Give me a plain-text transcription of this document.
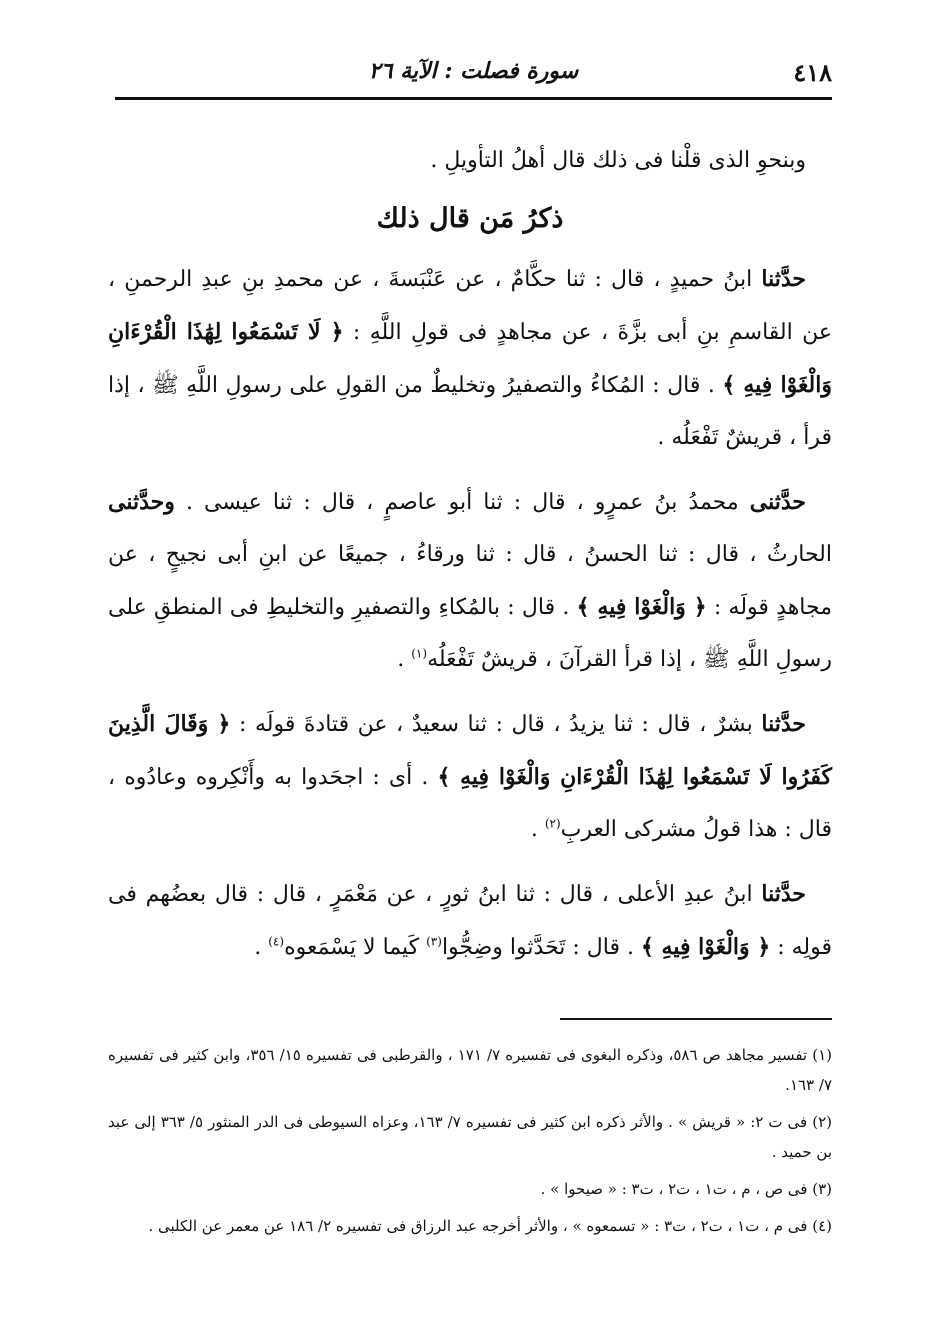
٤١٨
سورة فصلت : الآية ٢٦

وبنحوِ الذى قلْنا فى ذلك قال أهلُ التأويلِ .

ذكرُ مَن قال ذلك

حدَّثنا ابنُ حميدٍ ، قال : ثنا حكَّامٌ ، عن عَنْبَسةَ ، عن محمدِ بنِ عبدِ الرحمنِ ، عن القاسمِ بنِ أبى بزَّةَ ، عن مجاهدٍ فى قولِ اللَّهِ : ﴿ لَا تَسْمَعُوا لِهَٰذَا الْقُرْءَانِ وَالْغَوْا فِيهِ ﴾ . قال : المُكاءُ والتصفيرُ وتخليطٌ من القولِ على رسولِ اللَّهِ ﷺ ، إذا قرأ ، قريشٌ تَفْعَلُه .

حدَّثنى محمدُ بنُ عمرٍو ، قال : ثنا أبو عاصمٍ ، قال : ثنا عيسى . وحدَّثنى الحارثُ ، قال : ثنا الحسنُ ، قال : ثنا ورقاءُ ، جميعًا عن ابنِ أبى نجيحٍ ، عن مجاهدٍ قولَه : ﴿ وَالْغَوْا فِيهِ ﴾ . قال : بالمُكاءِ والتصفيرِ والتخليطِ فى المنطقِ على رسولِ اللَّهِ ﷺ ، إذا قرأ القرآنَ ، قريشٌ تَفْعَلُه$^{(١)}$ .

حدَّثنا بشرٌ ، قال : ثنا يزيدُ ، قال : ثنا سعيدٌ ، عن قتادةَ قولَه : ﴿ وَقَالَ الَّذِينَ كَفَرُوا لَا تَسْمَعُوا لِهَٰذَا الْقُرْءَانِ وَالْغَوْا فِيهِ ﴾ . أى : اجحَدوا به وأَنْكِروه وعادُوه ، قال : هذا قولُ مشركى العربِ$^{(٢)}$ .

حدَّثنا ابنُ عبدِ الأعلى ، قال : ثنا ابنُ ثورٍ ، عن مَعْمَرٍ ، قال : قال بعضُهم فى قولِه : ﴿ وَالْغَوْا فِيهِ ﴾ . قال : تَحَدَّثوا وضِجُّوا$^{(٣)}$ كَيما لا يَسْمَعوه$^{(٤)}$ .

(١) تفسير مجاهد ص ٥٨٦، وذكره البغوى فى تفسيره ٧/ ١٧١ ، والقرطبى فى تفسيره ١٥/ ٣٥٦، وابن كثير فى تفسيره ٧/ ١٦٣.

(٢) فى ت ٢: « قريش » . والأثر ذكره ابن كثير فى تفسيره ٧/ ١٦٣، وعزاه السيوطى فى الدر المنثور ٥/ ٣٦٣ إلى عبد بن حميد .

(٣) فى ص ، م ، ت١ ، ت٢ ، ت٣ : « صيحوا » .

(٤) فى م ، ت١ ، ت٢ ، ت٣ : « تسمعوه » ، والأثر أخرجه عبد الرزاق فى تفسيره ٢/ ١٨٦ عن معمر عن الكلبى .
